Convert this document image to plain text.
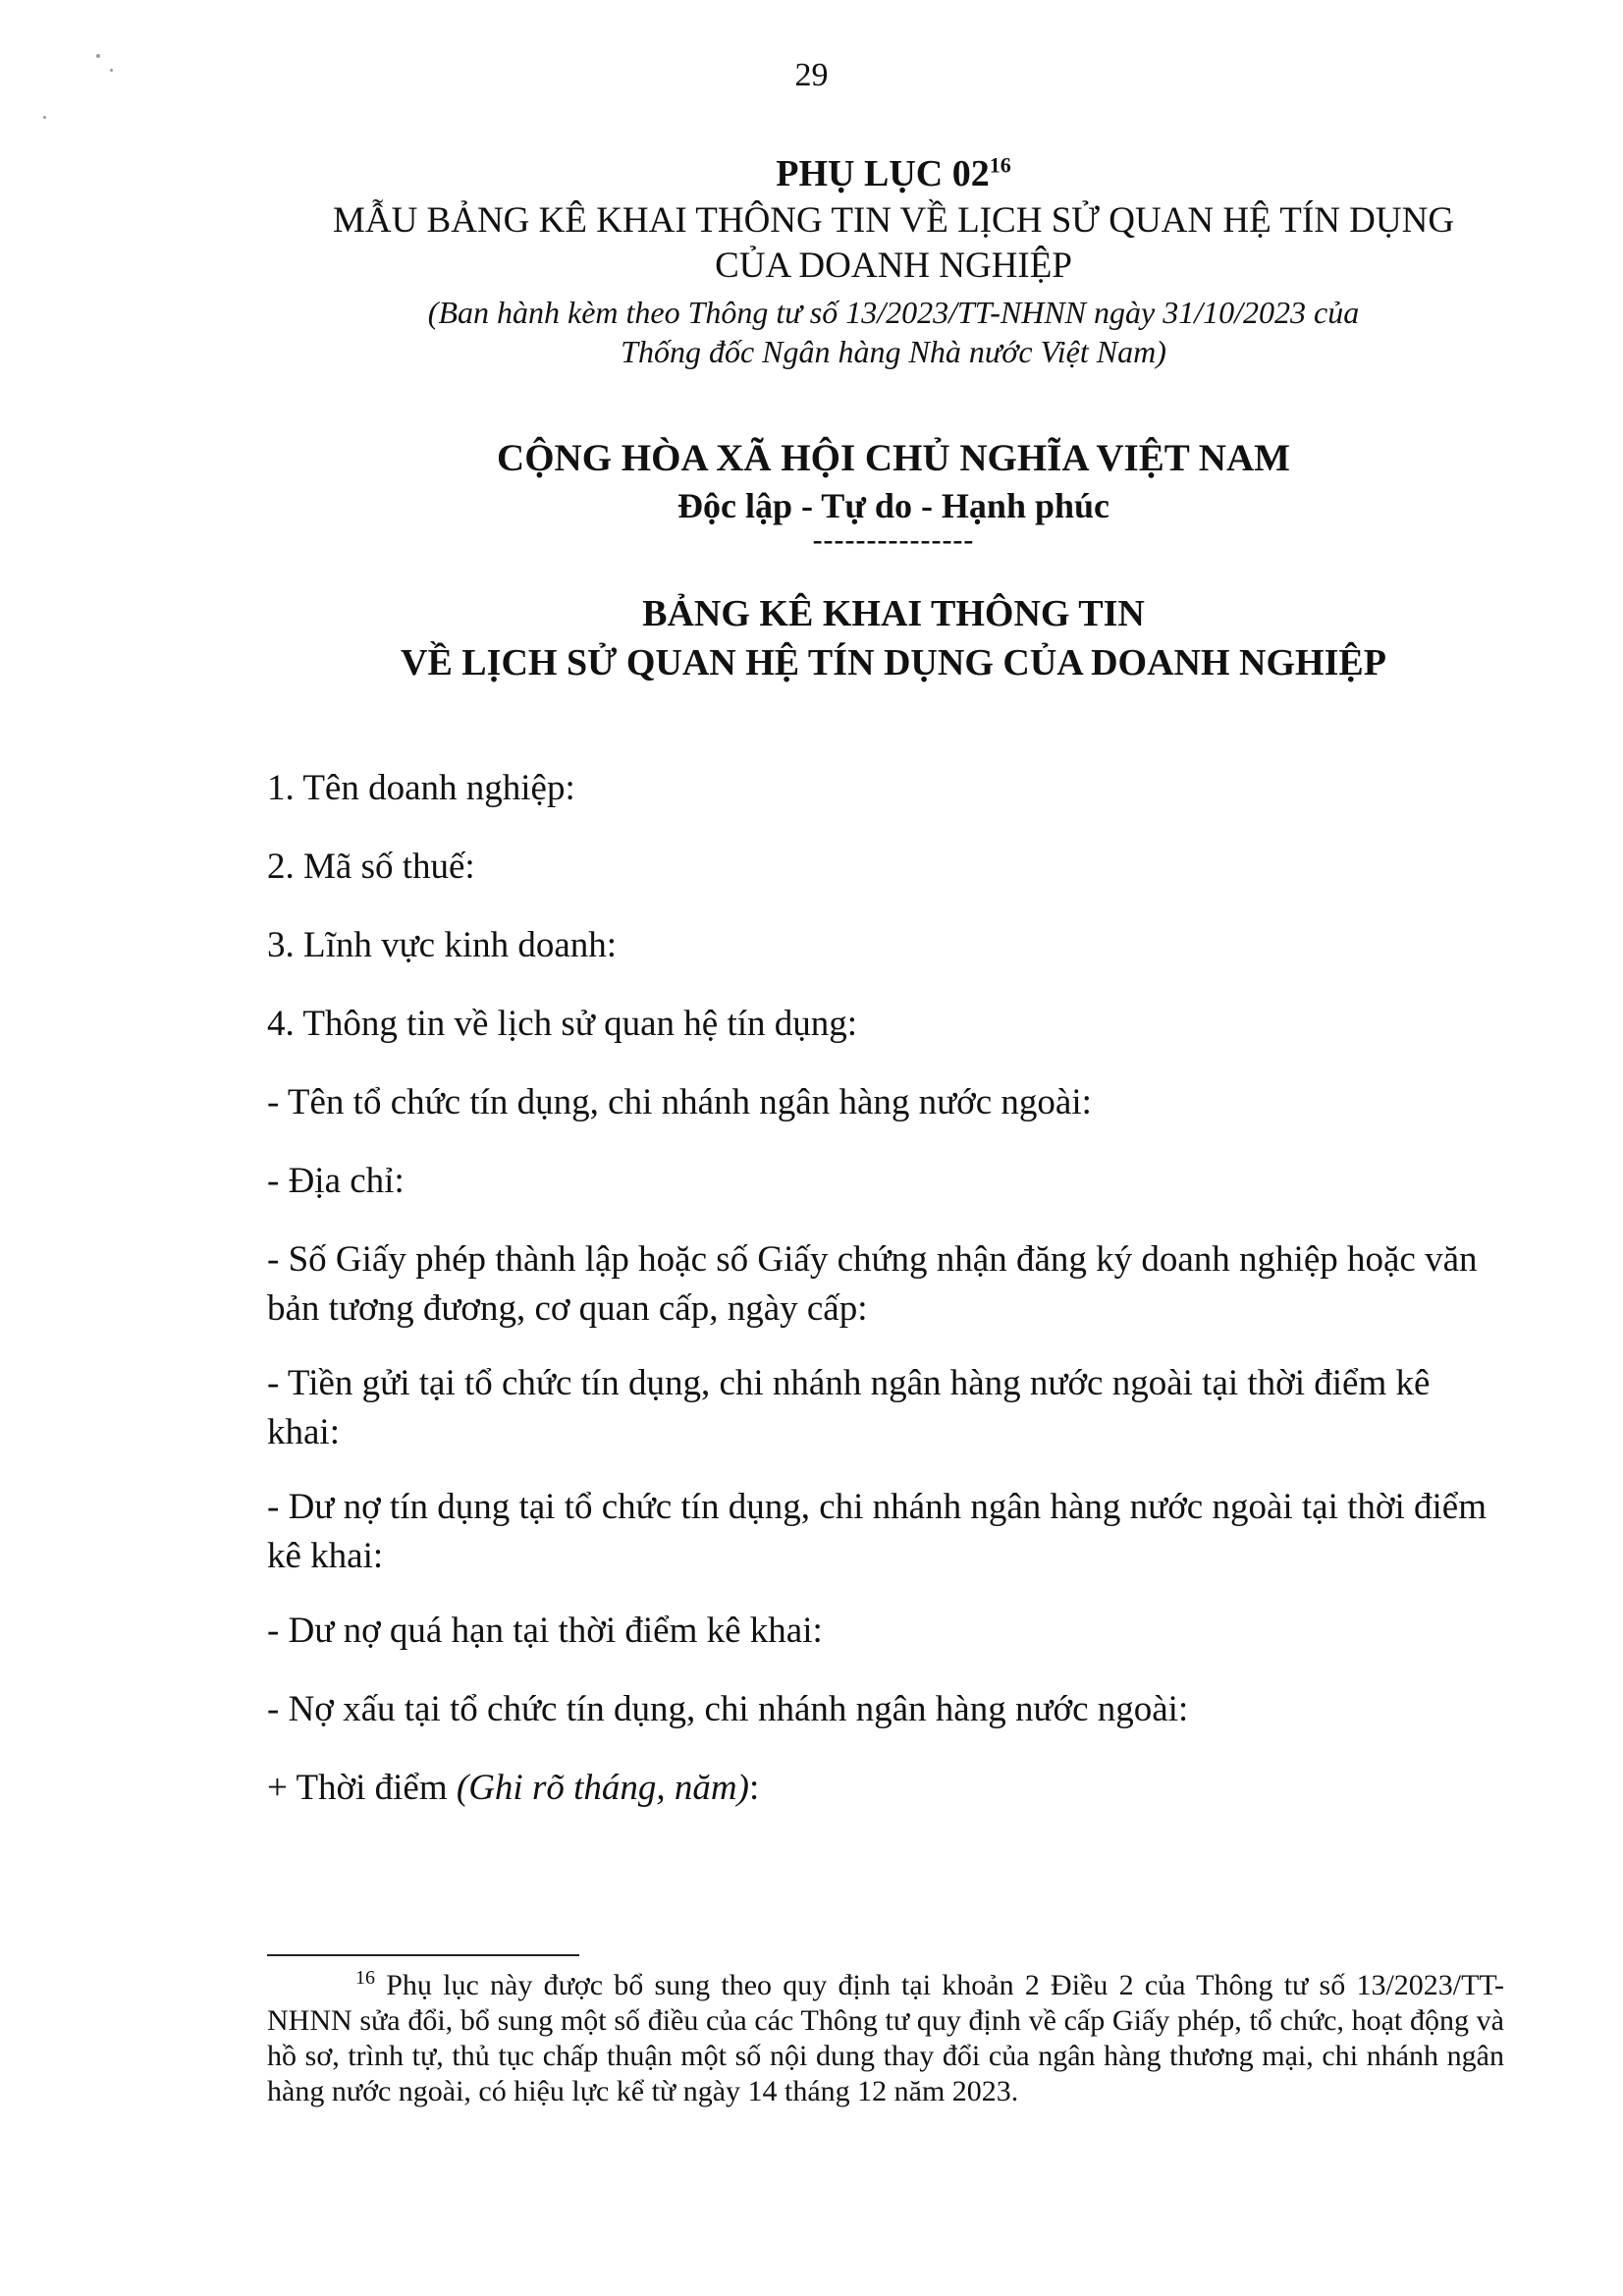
29
PHỤ LỤC $02^{16}$
MẪU BẢNG KÊ KHAI THÔNG TIN VỀ LỊCH SỬ QUAN HỆ TÍN DỤNG CỦA DOANH NGHIỆP
(Ban hành kèm theo Thông tư số 13/2023/TT-NHNN ngày 31/10/2023 của
Thống đốc Ngân hàng Nhà nước Việt Nam)
CỘNG HÒA XÃ HỘI CHỦ NGHĨA VIỆT NAM
Độc lập - Tự do - Hạnh phúc
---------------
BẢNG KÊ KHAI THÔNG TIN
VỀ LỊCH SỬ QUAN HỆ TÍN DỤNG CỦA DOANH NGHIỆP
1. Tên doanh nghiệp:
2. Mã số thuế:
3. Lĩnh vực kinh doanh:
4. Thông tin về lịch sử quan hệ tín dụng:
- Tên tổ chức tín dụng, chi nhánh ngân hàng nước ngoài:
- Địa chỉ:
- Số Giấy phép thành lập hoặc số Giấy chứng nhận đăng ký doanh nghiệp hoặc văn bản tương đương, cơ quan cấp, ngày cấp:
- Tiền gửi tại tổ chức tín dụng, chi nhánh ngân hàng nước ngoài tại thời điểm kê khai:
- Dư nợ tín dụng tại tổ chức tín dụng, chi nhánh ngân hàng nước ngoài tại thời điểm kê khai:
- Dư nợ quá hạn tại thời điểm kê khai:
- Nợ xấu tại tổ chức tín dụng, chi nhánh ngân hàng nước ngoài:
+ Thời điểm (Ghi rõ tháng, năm):
$^{16}$ Phụ lục này được bổ sung theo quy định tại khoản 2 Điều 2 của Thông tư số 13/2023/TT-NHNN sửa đổi, bổ sung một số điều của các Thông tư quy định về cấp Giấy phép, tổ chức, hoạt động và hồ sơ, trình tự, thủ tục chấp thuận một số nội dung thay đổi của ngân hàng thương mại, chi nhánh ngân hàng nước ngoài, có hiệu lực kể từ ngày 14 tháng 12 năm 2023.
